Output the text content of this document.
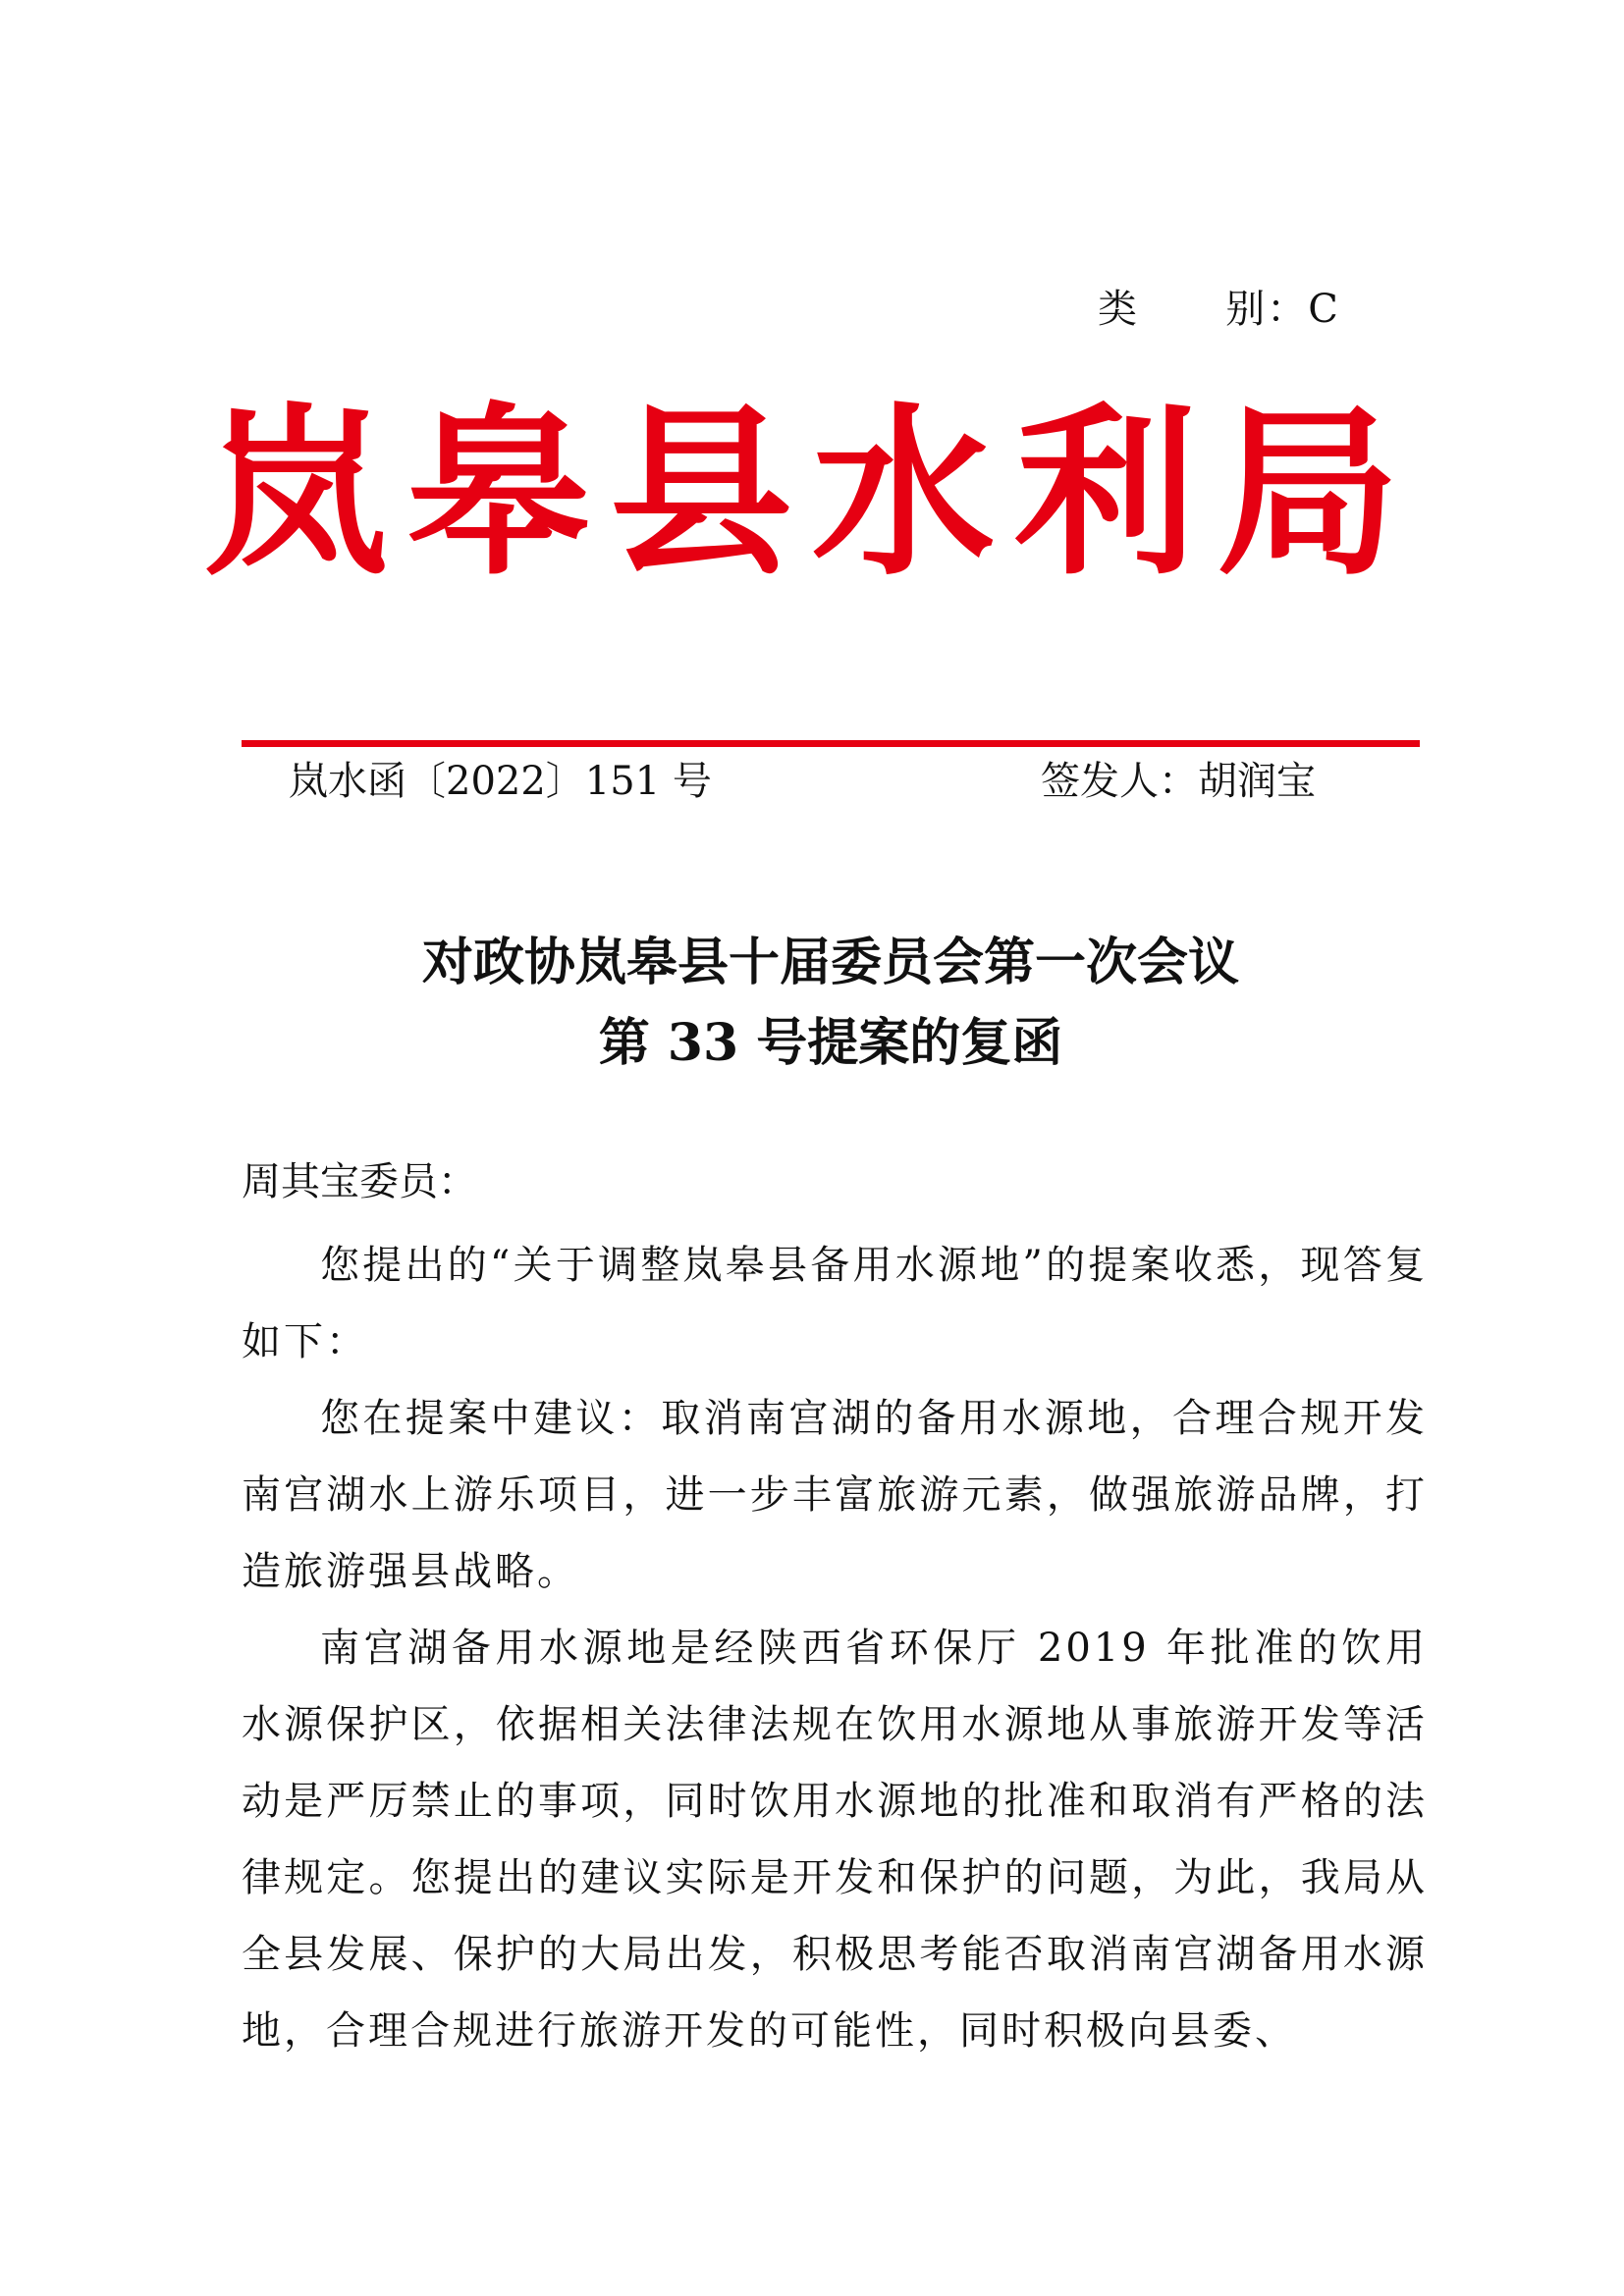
类      别：C
岚皋县水利局
岚水函〔2022〕151 号	签发人：胡润宝
对政协岚皋县十届委员会第一次会议
第 33 号提案的复函
周其宝委员：

您提出的“关于调整岚皋县备用水源地”的提案收悉，现答复如下：

您在提案中建议：取消南宫湖的备用水源地，合理合规开发南宫湖水上游乐项目，进一步丰富旅游元素，做强旅游品牌，打造旅游强县战略。

南宫湖备用水源地是经陕西省环保厅 2019 年批准的饮用水源保护区，依据相关法律法规在饮用水源地从事旅游开发等活动是严厉禁止的事项，同时饮用水源地的批准和取消有严格的法律规定。您提出的建议实际是开发和保护的问题，为此，我局从全县发展、保护的大局出发，积极思考能否取消南宫湖备用水源地，合理合规进行旅游开发的可能性，同时积极向县委、
